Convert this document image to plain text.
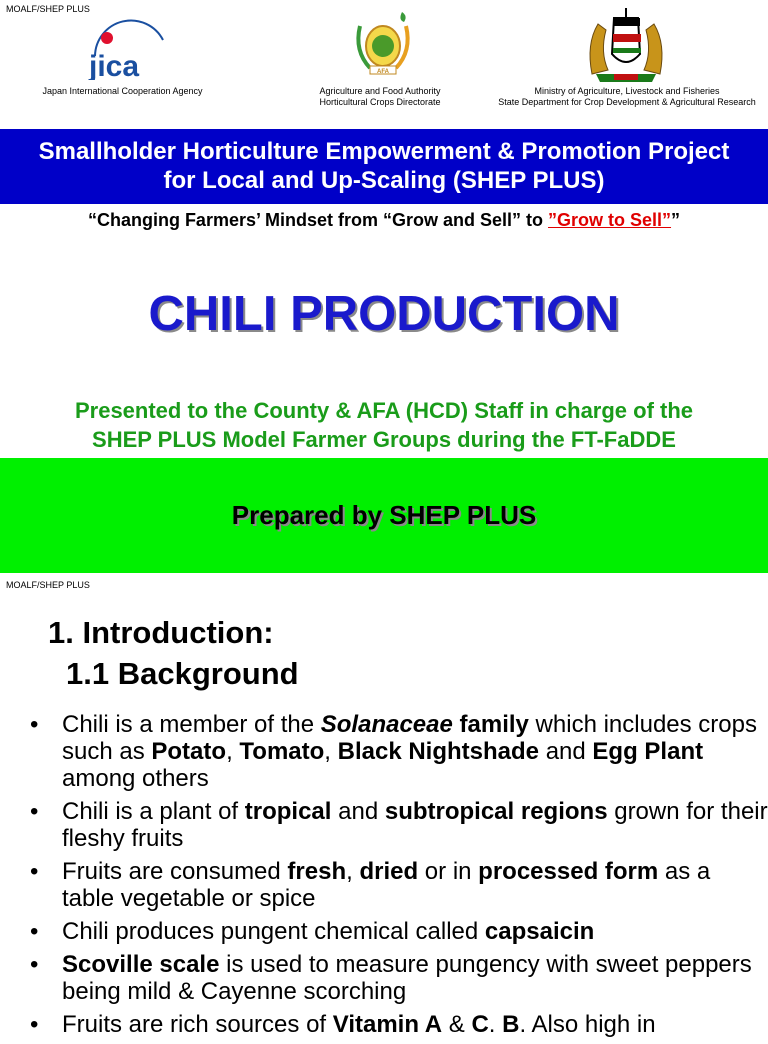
MOALF/SHEP PLUS
jica
Japan International Cooperation Agency
AFA
Agriculture and Food Authority
Horticultural Crops Directorate
Ministry of Agriculture, Livestock and Fisheries
State Department for Crop Development & Agricultural Research
Smallholder Horticulture Empowerment & Promotion Project
for Local and Up-Scaling (SHEP PLUS)
“Changing Farmers’ Mindset from “Grow and Sell” to ”Grow to Sell””
CHILI PRODUCTION
Presented to the County & AFA (HCD) Staff in charge of the
SHEP PLUS Model Farmer Groups during the FT-FaDDE
Prepared by SHEP PLUS
MOALF/SHEP PLUS
1. Introduction:
1.1 Background
• Chili is a member of the Solanaceae family which includes crops such as Potato, Tomato, Black Nightshade and Egg Plant among others
• Chili is a plant of tropical and subtropical regions grown for their fleshy fruits
• Fruits are consumed fresh, dried or in processed form as a table vegetable or spice
• Chili produces pungent chemical called capsaicin
• Scoville scale is used to measure pungency with sweet peppers being mild & Cayenne scorching
• Fruits are rich sources of Vitamin A & C. B. Also high in
